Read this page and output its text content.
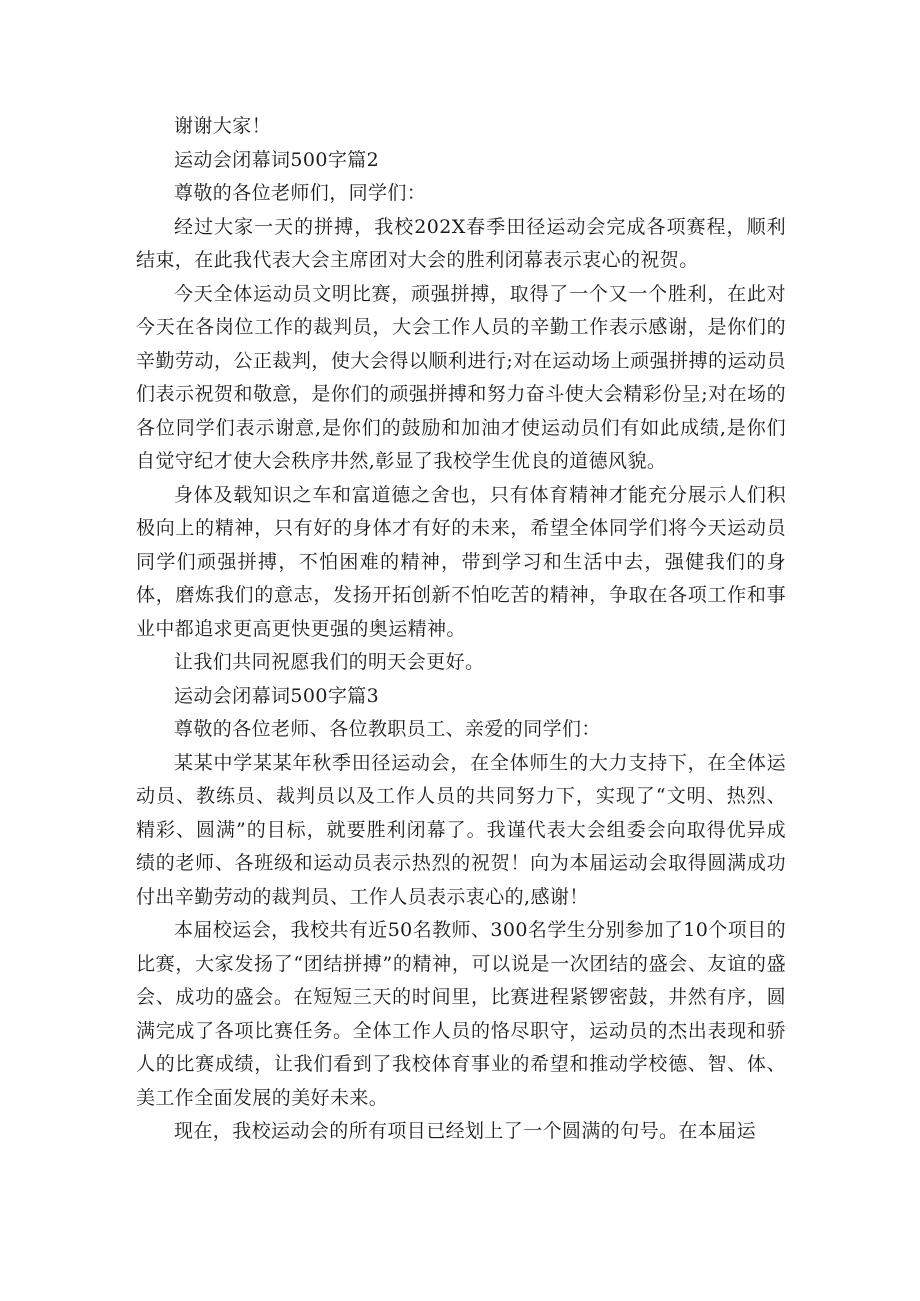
谢谢大家！

运动会闭幕词500字篇2

尊敬的各位老师们，同学们：

经过大家一天的拼搏，我校202X春季田径运动会完成各项赛程，顺利结束，在此我代表大会主席团对大会的胜利闭幕表示衷心的祝贺。

今天全体运动员文明比赛，顽强拼搏，取得了一个又一个胜利，在此对今天在各岗位工作的裁判员，大会工作人员的辛勤工作表示感谢，是你们的辛勤劳动，公正裁判，使大会得以顺利进行;对在运动场上顽强拼搏的运动员们表示祝贺和敬意，是你们的顽强拼搏和努力奋斗使大会精彩份呈;对在场的各位同学们表示谢意,是你们的鼓励和加油才使运动员们有如此成绩,是你们自觉守纪才使大会秩序井然,彰显了我校学生优良的道德风貌。

身体及载知识之车和富道德之舍也，只有体育精神才能充分展示人们积极向上的精神，只有好的身体才有好的未来，希望全体同学们将今天运动员同学们顽强拼搏，不怕困难的精神，带到学习和生活中去，强健我们的身体，磨炼我们的意志，发扬开拓创新不怕吃苦的精神，争取在各项工作和事业中都追求更高更快更强的奥运精神。

让我们共同祝愿我们的明天会更好。

运动会闭幕词500字篇3

尊敬的各位老师、各位教职员工、亲爱的同学们：

某某中学某某年秋季田径运动会，在全体师生的大力支持下，在全体运动员、教练员、裁判员以及工作人员的共同努力下，实现了“文明、热烈、精彩、圆满”的目标，就要胜利闭幕了。我谨代表大会组委会向取得优异成绩的老师、各班级和运动员表示热烈的祝贺！向为本届运动会取得圆满成功付出辛勤劳动的裁判员、工作人员表示衷心的,感谢！

本届校运会，我校共有近50名教师、300名学生分别参加了10个项目的比赛，大家发扬了“团结拼搏”的精神，可以说是一次团结的盛会、友谊的盛会、成功的盛会。在短短三天的时间里，比赛进程紧锣密鼓，井然有序，圆满完成了各项比赛任务。全体工作人员的恪尽职守，运动员的杰出表现和骄人的比赛成绩，让我们看到了我校体育事业的希望和推动学校德、智、体、美工作全面发展的美好未来。

现在，我校运动会的所有项目已经划上了一个圆满的句号。在本届运
